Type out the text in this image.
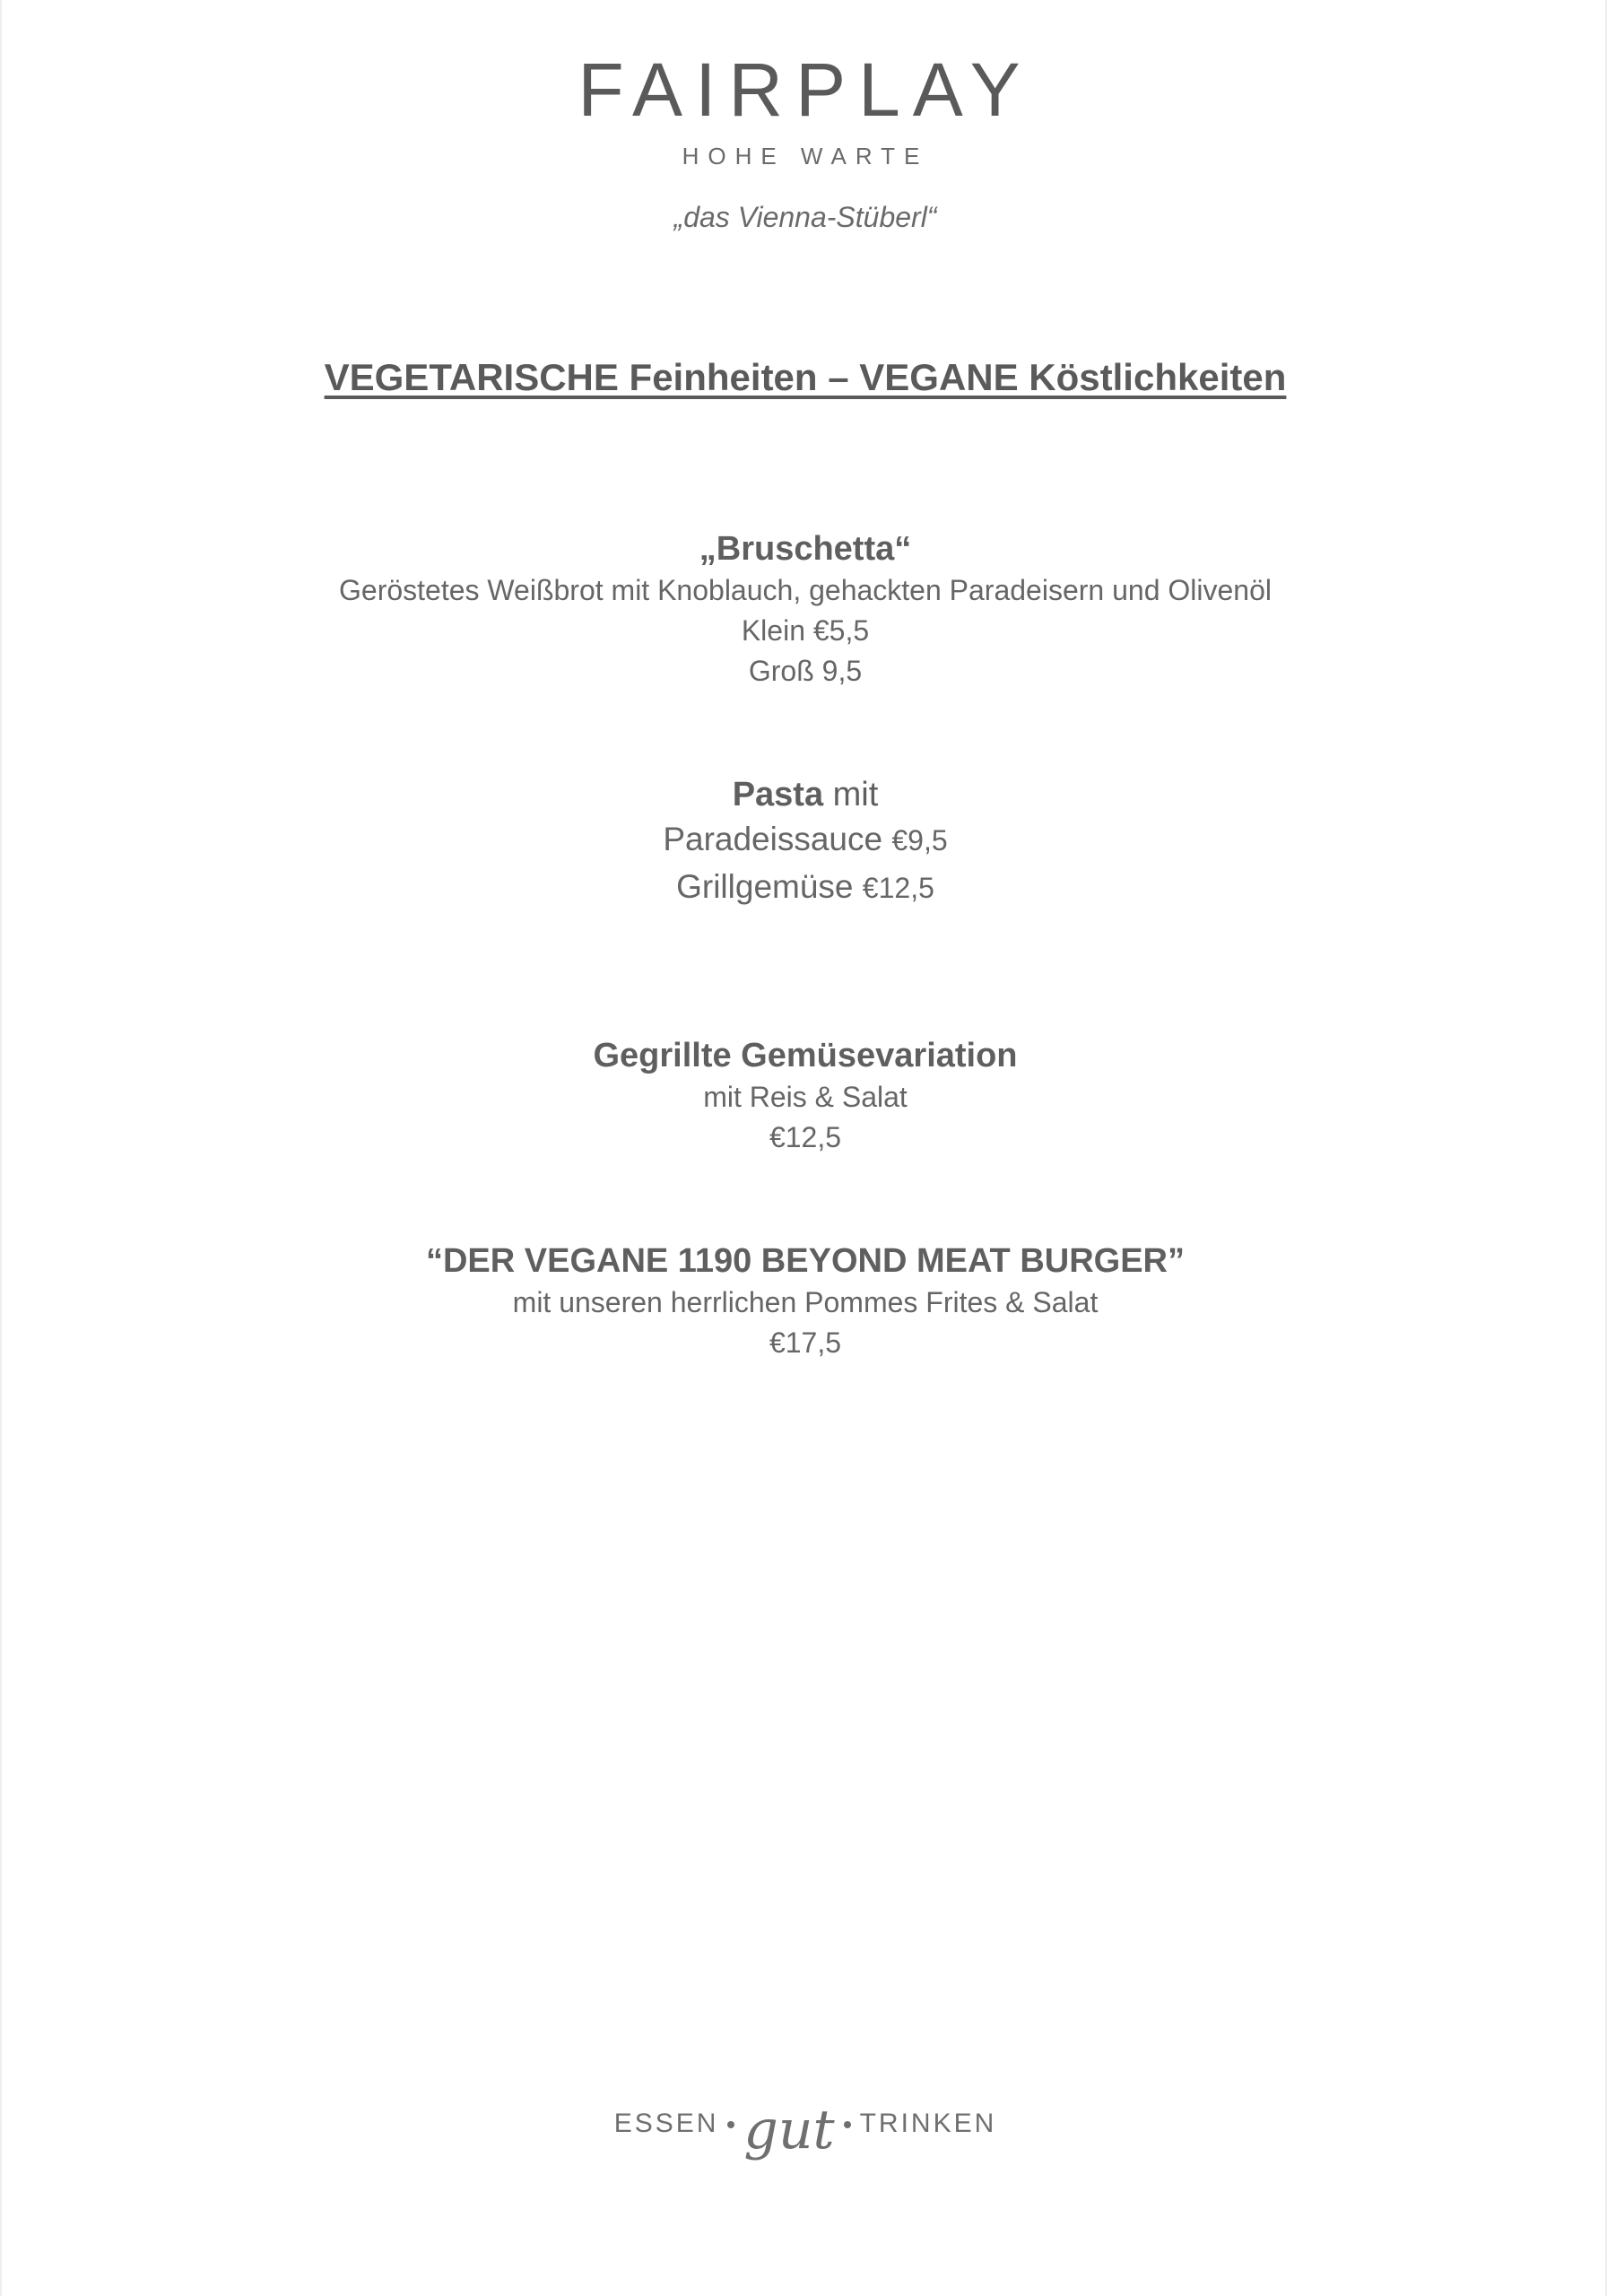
FAIRPLAY
HOHE WARTE
„das Vienna-Stüberl“
VEGETARISCHE Feinheiten – VEGANE Köstlichkeiten
„Bruschetta“
Geröstetes Weißbrot mit Knoblauch, gehackten Paradeisern und Olivenöl
Klein €5,5
Groß 9,5
Pasta mit
Paradeissauce €9,5
Grillgemüse €12,5
Gegrillte Gemüsevariation
mit Reis & Salat
€12,5
“DER VEGANE 1190 BEYOND MEAT BURGER”
mit unseren herrlichen Pommes Frites & Salat
€17,5
ESSEN gut TRINKEN
